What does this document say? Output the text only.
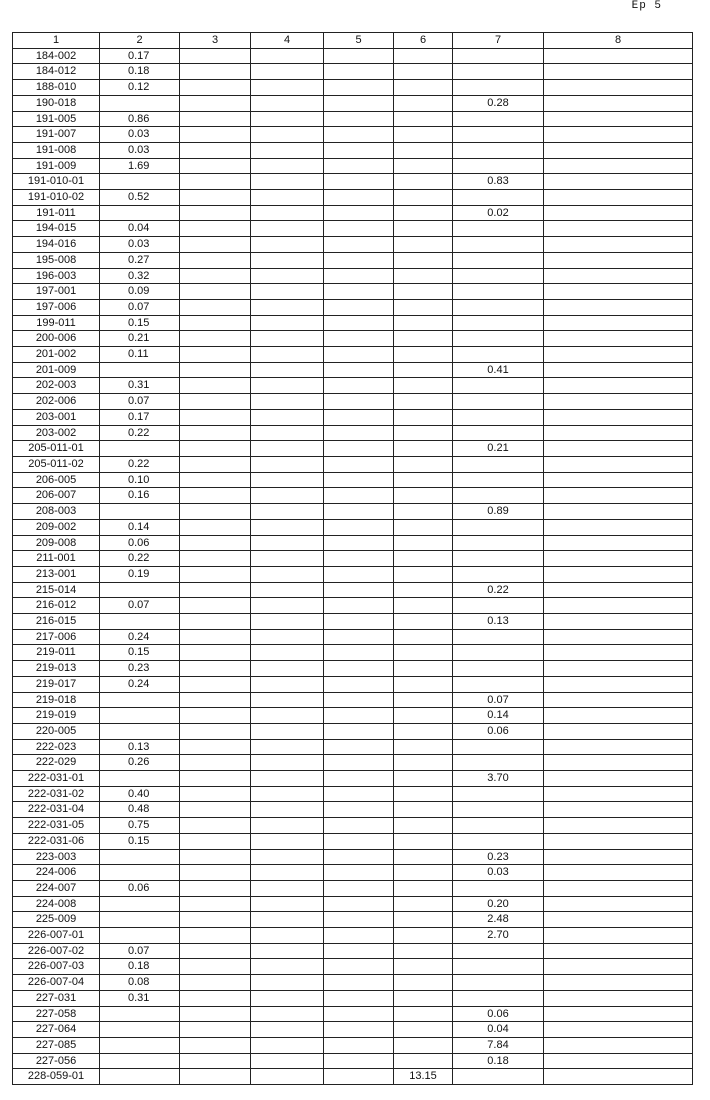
Ep 5
1	2	3	4	5	6	7	8
184-002	0.17						
184-012	0.18						
188-010	0.12						
190-018						0.28	
191-005	0.86						
191-007	0.03						
191-008	0.03						
191-009	1.69						
191-010-01						0.83	
191-010-02	0.52						
191-011						0.02	
194-015	0.04						
194-016	0.03						
195-008	0.27						
196-003	0.32						
197-001	0.09						
197-006	0.07						
199-011	0.15						
200-006	0.21						
201-002	0.11						
201-009						0.41	
202-003	0.31						
202-006	0.07						
203-001	0.17						
203-002	0.22						
205-011-01						0.21	
205-011-02	0.22						
206-005	0.10						
206-007	0.16						
208-003						0.89	
209-002	0.14						
209-008	0.06						
211-001	0.22						
213-001	0.19						
215-014						0.22	
216-012	0.07						
216-015						0.13	
217-006	0.24						
219-011	0.15						
219-013	0.23						
219-017	0.24						
219-018						0.07	
219-019						0.14	
220-005						0.06	
222-023	0.13						
222-029	0.26						
222-031-01						3.70	
222-031-02	0.40						
222-031-04	0.48						
222-031-05	0.75						
222-031-06	0.15						
223-003						0.23	
224-006						0.03	
224-007	0.06						
224-008						0.20	
225-009						2.48	
226-007-01						2.70	
226-007-02	0.07						
226-007-03	0.18						
226-007-04	0.08						
227-031	0.31						
227-058						0.06	
227-064						0.04	
227-085						7.84	
227-056						0.18	
228-059-01					13.15		
